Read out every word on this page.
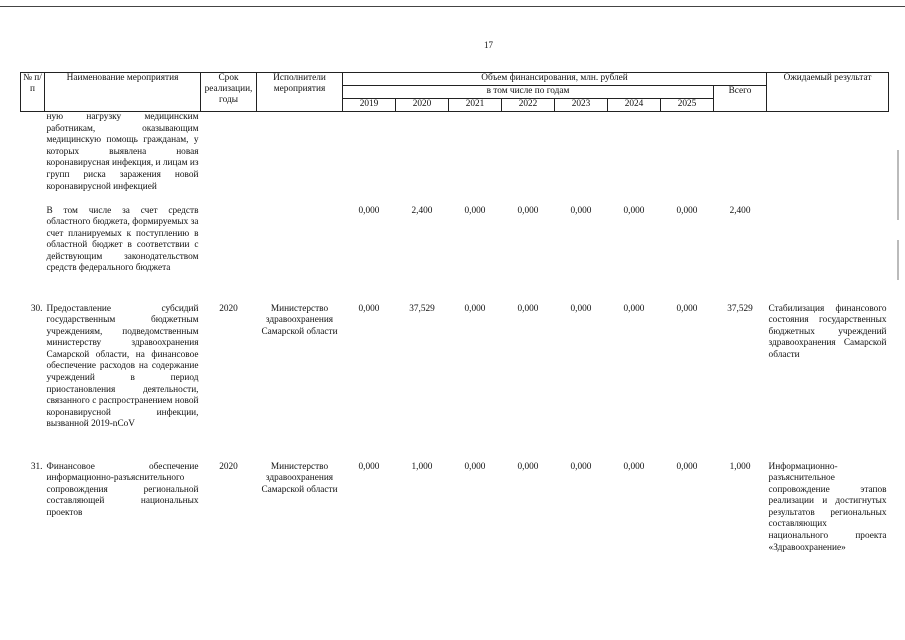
17
№ п/п	Наименование мероприятия	Срок реализации, годы	Исполнители мероприятия	Объем финансирования, млн. рублей								Ожидаемый результат
				в том числе по годам							Всего	
				2019	2020	2021	2022	2023	2024	2025		
	ную нагрузку медицинским работникам, оказывающим медицинскую помощь гражданам, у которых выявлена новая коронавирусная инфекция, и лицам из групп риска заражения новой коронавирусной инфекцией											
	В том числе за счет средств областного бюджета, формируемых за счет планируемых к поступлению в областной бюджет в соответствии с действующим законодательством средств федерального бюджета			0,000	2,400	0,000	0,000	0,000	0,000	0,000	2,400	
30.	Предоставление субсидий государственным бюджетным учреждениям, подведомственным министерству здравоохранения Самарской области, на финансовое обеспечение расходов на содержание учреждений в период приостановления деятельности, связанного с распространением новой коронавирусной инфекции, вызванной 2019-nCoV	2020	Министерство здравоохранения Самарской области	0,000	37,529	0,000	0,000	0,000	0,000	0,000	37,529	Стабилизация финансового состояния государственных бюджетных учреждений здравоохранения Самарской области
31.	Финансовое обеспечение информационно-разъяснительного сопровождения региональной составляющей национальных проектов	2020	Министерство здравоохранения Самарской области	0,000	1,000	0,000	0,000	0,000	0,000	0,000	1,000	Информационно-разъяснительное сопровождение этапов реализации и достигнутых результатов региональных составляющих национального проекта «Здравоохранение»
